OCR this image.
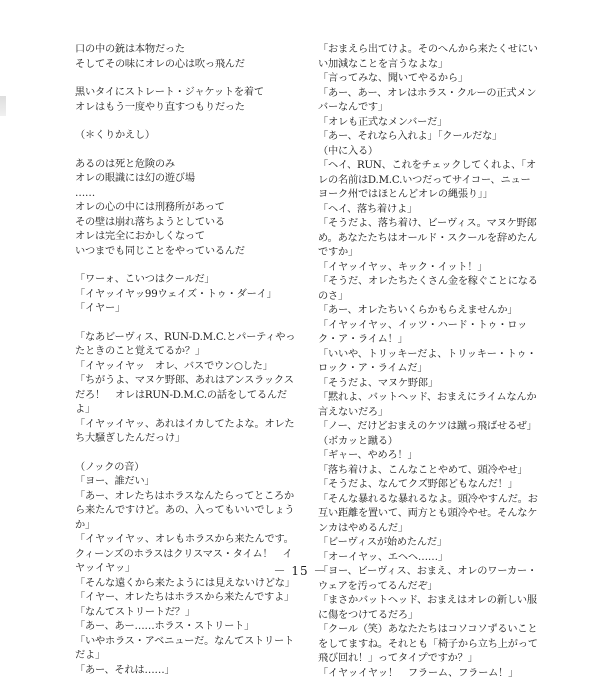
口の中の銃は本物だった

そしてその味にオレの心は吹っ飛んだ

黒いタイにストレート・ジャケットを着て

オレはもう一度やり直すつもりだった

（＊くりかえし）

あるのは死と危険のみ

オレの眼識には幻の遊び場

……

オレの心の中には刑務所があって

その壁は崩れ落ちようとしている

オレは完全におかしくなって

いつまでも同じことをやっているんだ

「ワーォ、こいつはクールだ」

「イヤッイヤッ99ウェイズ・トゥ・ダーイ」

「イヤー」

「なあビーヴィス、RUN-D.M.C.とパーティやったときのこと覚えてるか？」

「イヤッイヤッ　オレ、バスでウン○した」

「ちがうよ、マヌケ野郎、あれはアンスラックスだろ！　オレはRUN-D.M.C.の話をしてるんだよ」

「イヤッイヤッ、あれはイカしてたよな。オレたち大騒ぎしたんだっけ」

（ノックの音）

「ヨー、誰だい」

「あー、オレたちはホラスなんたらってところから来たんですけど。あの、入ってもいいでしょうか」

「イヤッイヤッ、オレもホラスから来たんです。クィーンズのホラスはクリスマス・タイム！　イヤッイヤッ」

「そんな遠くから来たようには見えないけどな」

「イヤー、オレたちはホラスから来たんですよ」

「なんてストリートだ？」

「あー、あー……ホラス・ストリート」

「いやホラス・アベニューだ。なんてストリートだよ」

「あー、それは……」

「おまえら出てけよ。そのへんから来たくせにいい加減なことを言うなよな」

「言ってみな、聞いてやるから」

「あー、あー、オレはホラス・クルーの正式メンバーなんです」

「オレも正式なメンバーだ」

「あー、それなら入れよ」「クールだな」

（中に入る）

「ヘイ、RUN、これをチェックしてくれよ、「オレの名前はD.M.C.いつだってサイコー、ニューヨーク州ではほとんどオレの縄張り」」

「ヘイ、落ち着けよ」

「そうだよ、落ち着け、ビーヴィス。マヌケ野郎め。あなたたちはオールド・スクールを辞めたんですか」

「イヤッイヤッ、キック・イット！」

「そうだ、オレたちたくさん金を稼ぐことになるのさ」

「あー、オレたちいくらかもらえませんか」

「イヤッイヤッ、イッツ・ハード・トゥ・ロック・ア・ライム！」

「いいや、トリッキーだよ、トリッキー・トゥ・ロック・ア・ライムだ」

「そうだよ、マヌケ野郎」

「黙れよ、バットヘッド、おまえにライムなんか言えないだろ」

「ノー、だけどおまえのケツは蹴っ飛ばせるぜ」（ボカッと蹴る）

「ギャー、やめろ！」

「落ち着けよ、こんなことやめて、頭冷やせ」

「そうだよ、なんてクズ野郎どもなんだ！」

「そんな暴れるな暴れるなよ。頭冷やすんだ。お互い距離を置いて、両方とも頭冷やせ。そんなケンカはやめるんだ」

「ビーヴィスが始めたんだ」

「オーイヤッ、エヘヘ……」

「ヨー、ビーヴィス、おまえ、オレのワーカー・ウェアを汚ってるんだぞ」

「まさかバットヘッド、おまえはオレの新しい服に傷をつけてるだろ」

「クール（笑）あなたたちはコソコソずるいことをしてますね。それとも「椅子から立ち上がって飛び回れ！」ってタイプですか？」

「イヤッイヤッ！　フラーム、フラーム！」

－ 15 －
